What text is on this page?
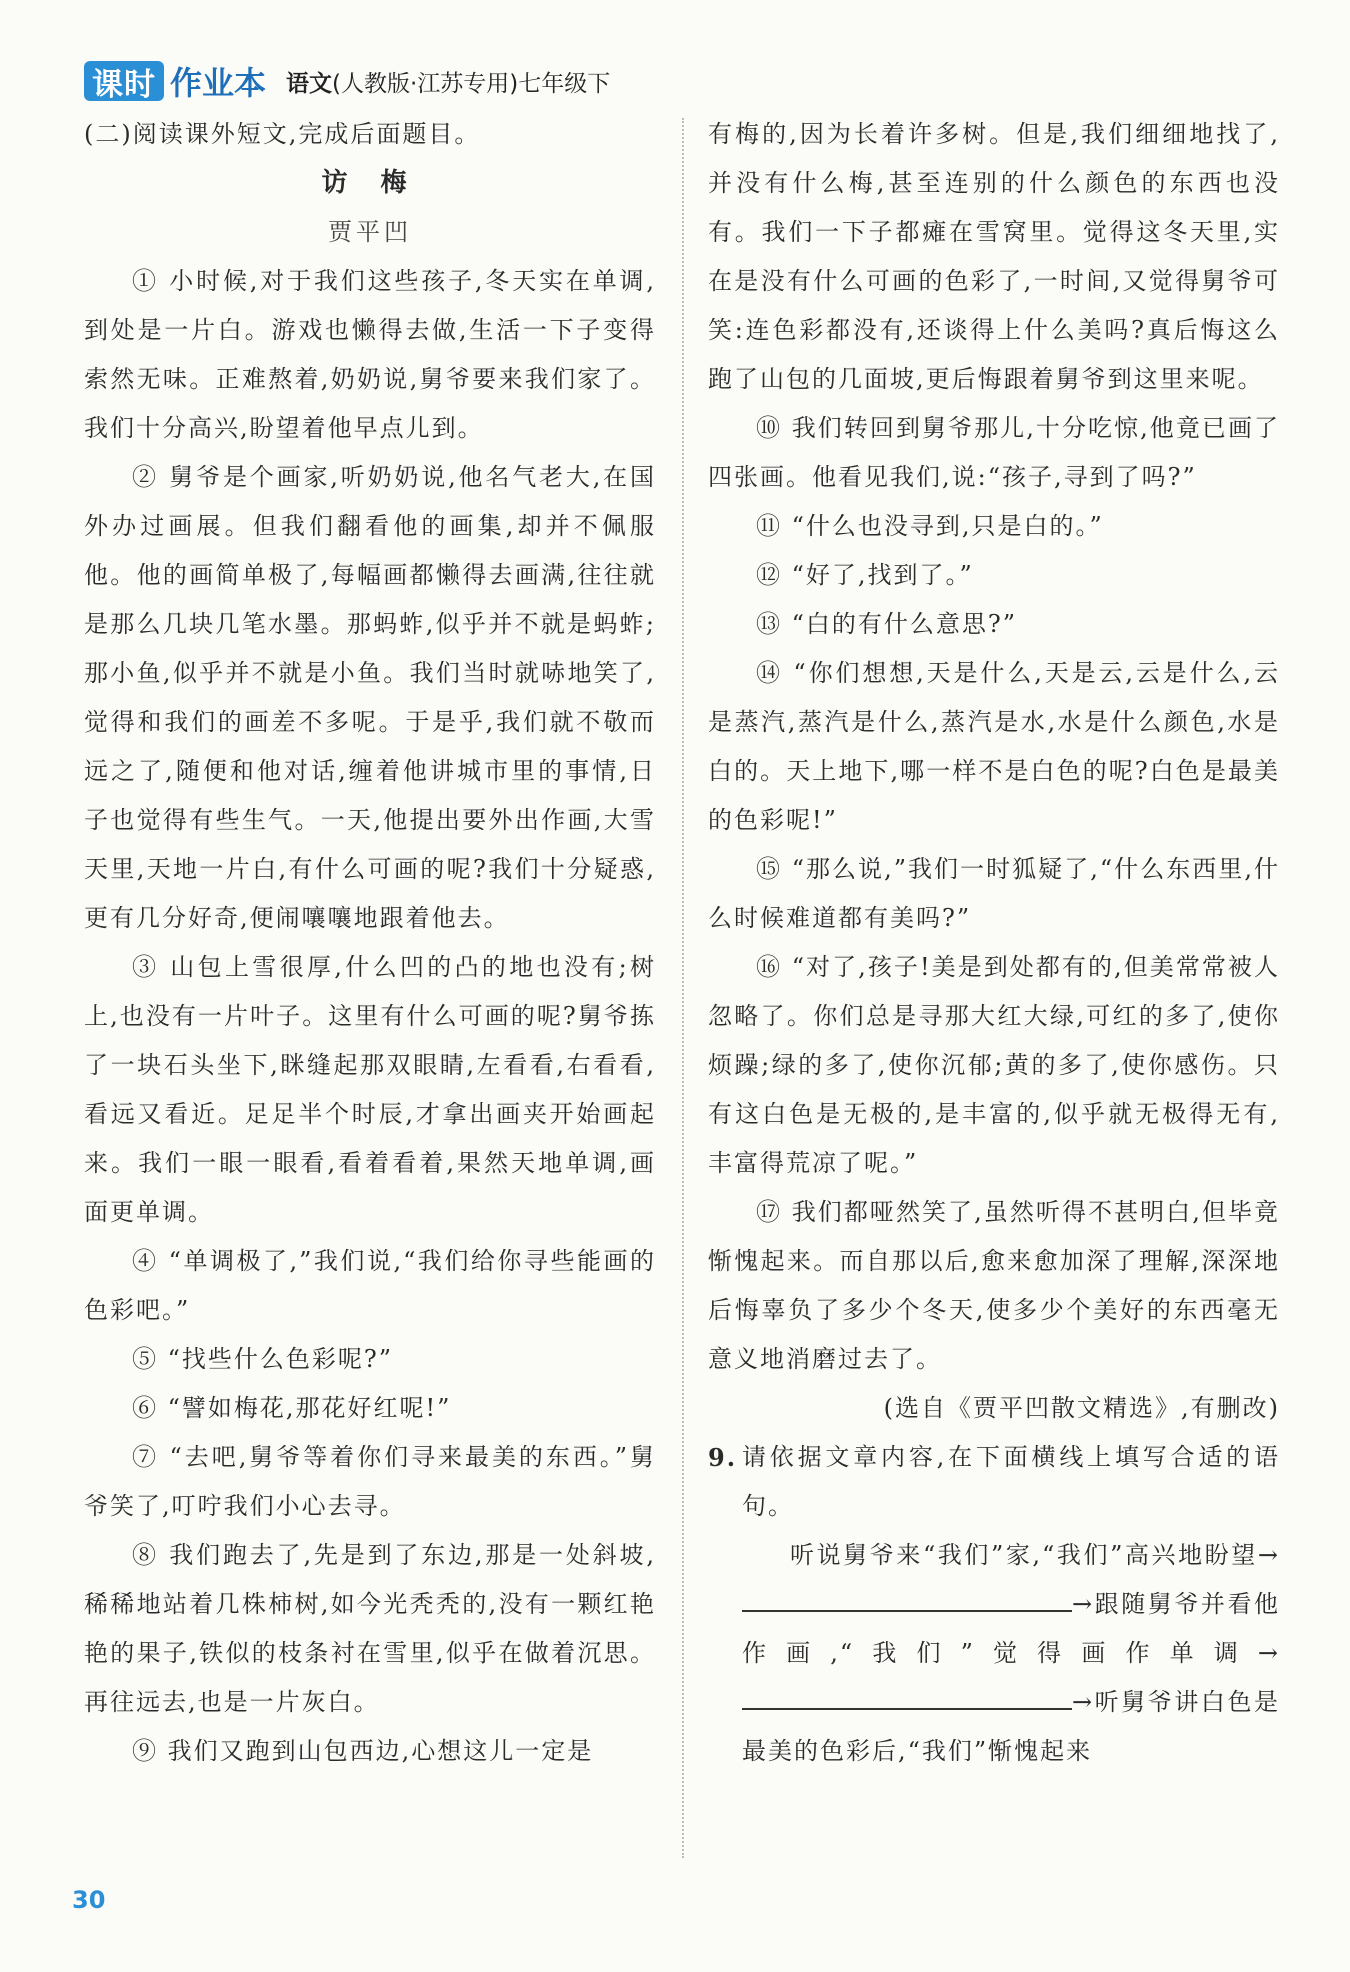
课时 作业本 语文(人教版·江苏专用)七年级下

(二)阅读课外短文,完成后面题目。

访 梅

贾平凹

① 小时候,对于我们这些孩子,冬天实在单调,到处是一片白。游戏也懒得去做,生活一下子变得索然无味。正难熬着,奶奶说,舅爷要来我们家了。我们十分高兴,盼望着他早点儿到。

② 舅爷是个画家,听奶奶说,他名气老大,在国外办过画展。但我们翻看他的画集,却并不佩服他。他的画简单极了,每幅画都懒得去画满,往往就是那么几块几笔水墨。那蚂蚱,似乎并不就是蚂蚱;那小鱼,似乎并不就是小鱼。我们当时就哧地笑了,觉得和我们的画差不多呢。于是乎,我们就不敬而远之了,随便和他对话,缠着他讲城市里的事情,日子也觉得有些生气。一天,他提出要外出作画,大雪天里,天地一片白,有什么可画的呢?我们十分疑惑,更有几分好奇,便闹嚷嚷地跟着他去。

③ 山包上雪很厚,什么凹的凸的地也没有;树上,也没有一片叶子。这里有什么可画的呢?舅爷拣了一块石头坐下,眯缝起那双眼睛,左看看,右看看,看远又看近。足足半个时辰,才拿出画夹开始画起来。我们一眼一眼看,看着看着,果然天地单调,画面更单调。

④ “单调极了,”我们说,“我们给你寻些能画的色彩吧。”

⑤ “找些什么色彩呢?”

⑥ “譬如梅花,那花好红呢!”

⑦ “去吧,舅爷等着你们寻来最美的东西。”舅爷笑了,叮咛我们小心去寻。

⑧ 我们跑去了,先是到了东边,那是一处斜坡,稀稀地站着几株柿树,如今光秃秃的,没有一颗红艳艳的果子,铁似的枝条衬在雪里,似乎在做着沉思。再往远去,也是一片灰白。

⑨ 我们又跑到山包西边,心想这儿一定是

有梅的,因为长着许多树。但是,我们细细地找了,并没有什么梅,甚至连别的什么颜色的东西也没有。我们一下子都瘫在雪窝里。觉得这冬天里,实在是没有什么可画的色彩了,一时间,又觉得舅爷可笑:连色彩都没有,还谈得上什么美吗?真后悔这么跑了山包的几面坡,更后悔跟着舅爷到这里来呢。

⑩ 我们转回到舅爷那儿,十分吃惊,他竟已画了四张画。他看见我们,说:“孩子,寻到了吗?”

⑪ “什么也没寻到,只是白的。”

⑫ “好了,找到了。”

⑬ “白的有什么意思?”

⑭ “你们想想,天是什么,天是云,云是什么,云是蒸汽,蒸汽是什么,蒸汽是水,水是什么颜色,水是白的。天上地下,哪一样不是白色的呢?白色是最美的色彩呢!”

⑮ “那么说,”我们一时狐疑了,“什么东西里,什么时候难道都有美吗?”

⑯ “对了,孩子!美是到处都有的,但美常常被人忽略了。你们总是寻那大红大绿,可红的多了,使你烦躁;绿的多了,使你沉郁;黄的多了,使你感伤。只有这白色是无极的,是丰富的,似乎就无极得无有,丰富得荒凉了呢。”

⑰ 我们都哑然笑了,虽然听得不甚明白,但毕竟惭愧起来。而自那以后,愈来愈加深了理解,深深地后悔辜负了多少个冬天,使多少个美好的东西毫无意义地消磨过去了。

(选自《贾平凹散文精选》,有删改)

9. 请依据文章内容,在下面横线上填写合适的语句。

听说舅爷来“我们”家,“我们”高兴地盼望→→跟随舅爷并看他作画,“我们”觉得画作单调→→听舅爷讲白色是最美的色彩后,“我们”惭愧起来

30
